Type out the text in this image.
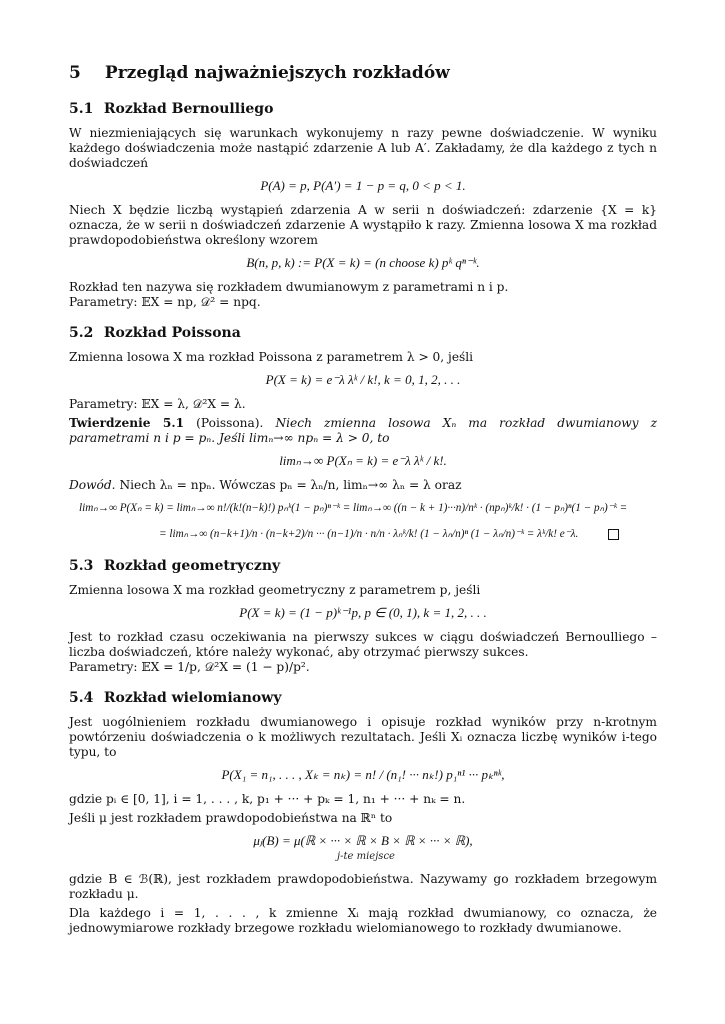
5 Przegląd najważniejszych rozkładów
5.1 Rozkład Bernoulliego

W niezmieniających się warunkach wykonujemy n razy pewne doświadczenie. W wyniku każdego doświadczenia może nastąpić zdarzenie A lub A′. Zakładamy, że dla każdego z tych n doświadczeń

P(A) = p, P(A′) = 1 − p = q, 0 < p < 1.

Niech X będzie liczbą wystąpień zdarzenia A w serii n doświadczeń: zdarzenie {X = k} oznacza, że w serii n doświadczeń zdarzenie A wystąpiło k razy. Zmienna losowa X ma rozkład prawdopodobieństwa określony wzorem

B(n, p, k) := P(X = k) = (n choose k) pᵏ qⁿ⁻ᵏ.

Rozkład ten nazywa się rozkładem dwumianowym z parametrami n i p.

Parametry: 𝔼X = np, 𝒟² = npq.

5.2 Rozkład Poissona

Zmienna losowa X ma rozkład Poissona z parametrem λ > 0, jeśli

P(X = k) = e⁻λ λᵏ / k!, k = 0, 1, 2, . . .

Parametry: 𝔼X = λ, 𝒟²X = λ.

Twierdzenie 5.1 (Poissona). Niech zmienna losowa Xₙ ma rozkład dwumianowy z parametrami n i p = pₙ. Jeśli limₙ→∞ npₙ = λ > 0, to

limₙ→∞ P(Xₙ = k) = e⁻λ λᵏ / k!.

Dowód. Niech λₙ = npₙ. Wówczas pₙ = λₙ/n, limₙ→∞ λₙ = λ oraz

limₙ→∞ P(Xₙ = k) = limₙ→∞ n!/(k!(n−k)!) pₙᵏ(1 − pₙ)ⁿ⁻ᵏ = limₙ→∞ ((n − k + 1)···n)/nᵏ · (npₙ)ᵏ/k! · (1 − pₙ)ⁿ(1 − pₙ)⁻ᵏ =
= limₙ→∞ (n−k+1)/n · (n−k+2)/n ··· (n−1)/n · n/n · λₙᵏ/k! (1 − λₙ/n)ⁿ (1 − λₙ/n)⁻ᵏ = λᵏ/k! e⁻λ.
5.3 Rozkład geometryczny

Zmienna losowa X ma rozkład geometryczny z parametrem p, jeśli

P(X = k) = (1 − p)ᵏ⁻¹p, p ∈ (0, 1), k = 1, 2, . . .

Jest to rozkład czasu oczekiwania na pierwszy sukces w ciągu doświadczeń Bernoulliego – liczba doświadczeń, które należy wykonać, aby otrzymać pierwszy sukces.

Parametry: 𝔼X = 1/p, 𝒟²X = (1 − p)/p².

5.4 Rozkład wielomianowy

Jest uogólnieniem rozkładu dwumianowego i opisuje rozkład wyników przy n-krotnym powtórzeniu doświadczenia o k możliwych rezultatach. Jeśli Xᵢ oznacza liczbę wyników i-tego typu, to

P(X₁ = n₁, . . . , Xₖ = nₖ) = n! / (n₁! ··· nₖ!) p₁ⁿ¹ ··· pₖⁿᵏ,

gdzie pᵢ ∈ [0, 1], i = 1, . . . , k, p₁ + ··· + pₖ = 1, n₁ + ··· + nₖ = n.

Jeśli μ jest rozkładem prawdopodobieństwa na ℝⁿ to

μⱼ(B) = μ(ℝ × ··· × ℝ × B × ℝ × ··· × ℝ),
j-te miejsce

gdzie B ∈ ℬ(ℝ), jest rozkładem prawdopodobieństwa. Nazywamy go rozkładem brzegowym rozkładu μ.

Dla każdego i = 1, . . . , k zmienne Xᵢ mają rozkład dwumianowy, co oznacza, że jednowymiarowe rozkłady brzegowe rozkładu wielomianowego to rozkłady dwumianowe.
